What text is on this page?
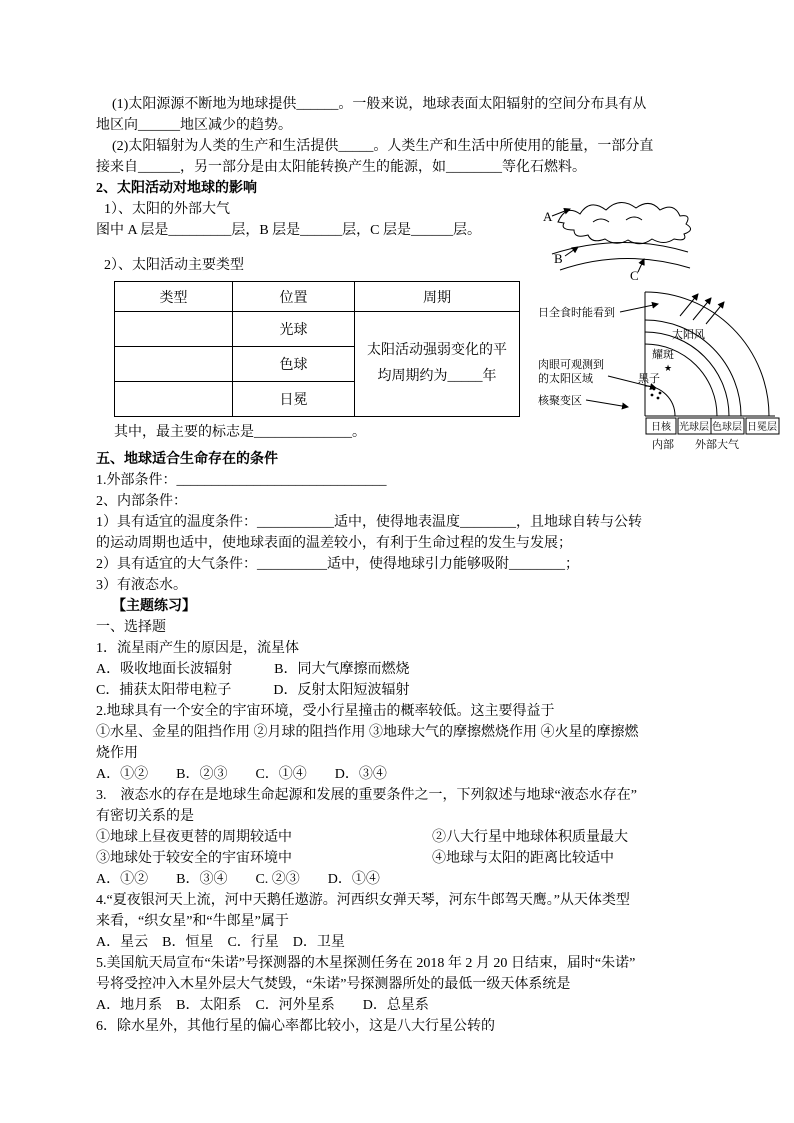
(1)太阳源源不断地为地球提供______。一般来说，地球表面太阳辐射的空间分布具有从
地区向______地区减少的趋势。
(2)太阳辐射为人类的生产和生活提供_____。人类生产和生活中所使用的能量，一部分直
接来自______，另一部分是由太阳能转换产生的能源，如________等化石燃料。
2、太阳活动对地球的影响
1）、太阳的外部大气
图中 A 层是_________层，B 层是______层，C 层是______层。
2）、太阳活动主要类型
类型	位置	周期
	光球	太阳活动强弱变化的平
均周期约为_____年

	色球	
	日冕	
其中，最主要的标志是______________。
五、地球适合生命存在的条件
1.外部条件：______________________________
2、内部条件：
1）具有适宜的温度条件：___________适中，使得地表温度________，且地球自转与公转
的运动周期也适中，使地球表面的温差较小，有利于生命过程的发生与发展；
2）具有适宜的大气条件：__________适中，使得地球引力能够吸附________；
3）有液态水。
【主题练习】
一、选择题
1．流星雨产生的原因是，流星体
A．吸收地面长波辐射　　　B．同大气摩擦而燃烧
C．捕获太阳带电粒子　　　D．反射太阳短波辐射
2.地球具有一个安全的宇宙环境，受小行星撞击的概率较低。这主要得益于
①水星、金星的阻挡作用 ②月球的阻挡作用 ③地球大气的摩擦燃烧作用 ④火星的摩擦燃
烧作用
A．①②　　B．②③　　C．①④　　D．③④
3.　液态水的存在是地球生命起源和发展的重要条件之一，下列叙述与地球“液态水存在”
有密切关系的是
①地球上昼夜更替的周期较适中　　　　　　　　　　②八大行星中地球体积质量最大
③地球处于较安全的宇宙环境中　　　　　　　　　　④地球与太阳的距离比较适中
A．①②　　B．③④　　C. ②③　　D．①④
4.“夏夜银河天上流，河中天鹅任遨游。河西织女弹天琴，河东牛郎驾天鹰。”从天体类型
来看，“织女星”和“牛郎星”属于
A．星云　B．恒星　C．行星　D．卫星
5.美国航天局宣布“朱诺”号探测器的木星探测任务在 2018 年 2 月 20 日结束，届时“朱诺”
号将受控冲入木星外层大气焚毁，“朱诺”号探测器所处的最低一级天体系统是
A．地月系　B．太阳系　C．河外星系　　D．总星系
6．除水星外，其他行星的偏心率都比较小，这是八大行星公转的
A
B
C
太阳风
耀斑
★
黑子
日全食时能看到
肉眼可观测到
的太阳区域
核聚变区
日核 光球层 色球层 日冕层
内部 外部大气
